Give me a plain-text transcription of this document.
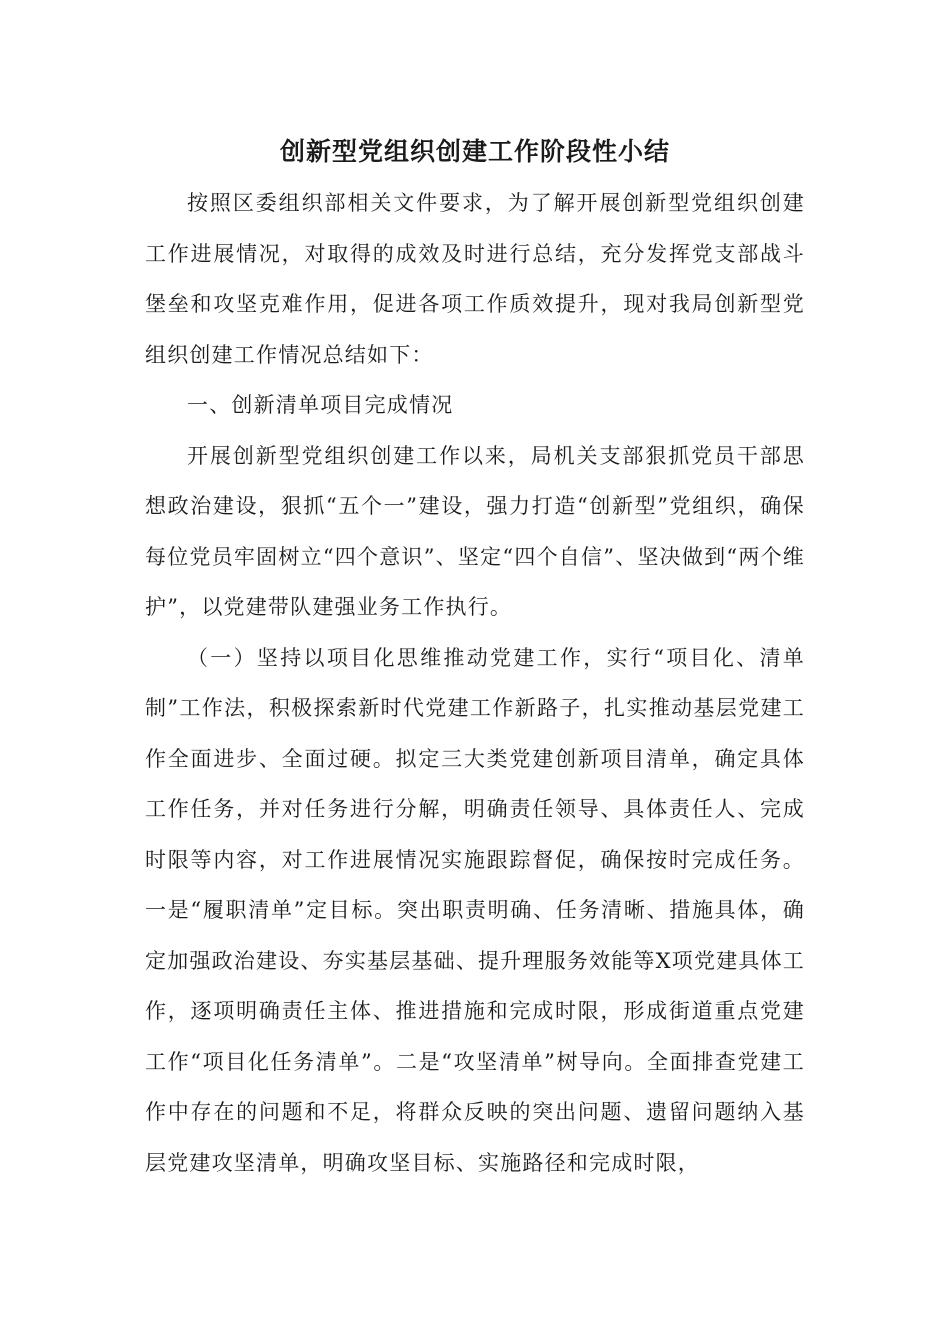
创新型党组织创建工作阶段性小结

按照区委组织部相关文件要求，为了解开展创新型党组织创建工作进展情况，对取得的成效及时进行总结，充分发挥党支部战斗堡垒和攻坚克难作用，促进各项工作质效提升，现对我局创新型党组织创建工作情况总结如下：

一、创新清单项目完成情况

开展创新型党组织创建工作以来，局机关支部狠抓党员干部思想政治建设，狠抓“五个一”建设，强力打造“创新型”党组织，确保每位党员牢固树立“四个意识”、坚定“四个自信”、坚决做到“两个维护”，以党建带队建强业务工作执行。

（一）坚持以项目化思维推动党建工作，实行“项目化、清单制”工作法，积极探索新时代党建工作新路子，扎实推动基层党建工作全面进步、全面过硬。拟定三大类党建创新项目清单，确定具体工作任务，并对任务进行分解，明确责任领导、具体责任人、完成时限等内容，对工作进展情况实施跟踪督促，确保按时完成任务。一是“履职清单”定目标。突出职责明确、任务清晰、措施具体，确定加强政治建设、夯实基层基础、提升理服务效能等X项党建具体工作，逐项明确责任主体、推进措施和完成时限，形成街道重点党建工作“项目化任务清单”。二是“攻坚清单”树导向。全面排查党建工作中存在的问题和不足，将群众反映的突出问题、遗留问题纳入基层党建攻坚清单，明确攻坚目标、实施路径和完成时限，
